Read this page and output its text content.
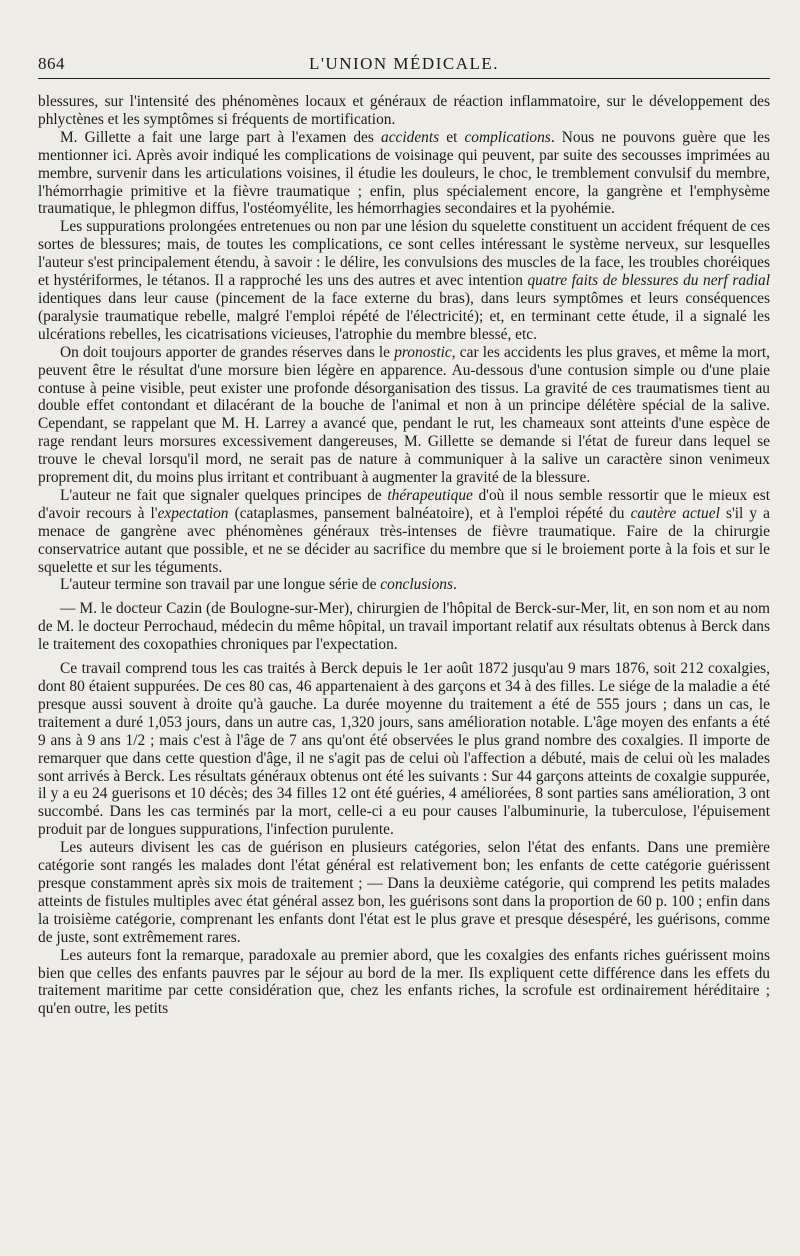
864	L'UNION MÉDICALE.

blessures, sur l'intensité des phénomènes locaux et généraux de réaction inflammatoire, sur le développement des phlyctènes et les symptômes si fréquents de mortification.

M. Gillette a fait une large part à l'examen des accidents et complications. Nous ne pouvons guère que les mentionner ici. Après avoir indiqué les complications de voisinage qui peuvent, par suite des secousses imprimées au membre, survenir dans les articulations voisines, il étudie les douleurs, le choc, le tremblement convulsif du membre, l'hémorrhagie primitive et la fièvre traumatique ; enfin, plus spécialement encore, la gangrène et l'emphysème traumatique, le phlegmon diffus, l'ostéomyélite, les hémorrhagies secondaires et la pyohémie.

Les suppurations prolongées entretenues ou non par une lésion du squelette constituent un accident fréquent de ces sortes de blessures; mais, de toutes les complications, ce sont celles intéressant le système nerveux, sur lesquelles l'auteur s'est principalement étendu, à savoir : le délire, les convulsions des muscles de la face, les troubles choréiques et hystériformes, le tétanos. Il a rapproché les uns des autres et avec intention quatre faits de blessures du nerf radial identiques dans leur cause (pincement de la face externe du bras), dans leurs symptômes et leurs conséquences (paralysie traumatique rebelle, malgré l'emploi répété de l'électricité); et, en terminant cette étude, il a signalé les ulcérations rebelles, les cicatrisations vicieuses, l'atrophie du membre blessé, etc.

On doit toujours apporter de grandes réserves dans le pronostic, car les accidents les plus graves, et même la mort, peuvent être le résultat d'une morsure bien légère en apparence. Au-dessous d'une contusion simple ou d'une plaie contuse à peine visible, peut exister une profonde désorganisation des tissus. La gravité de ces traumatismes tient au double effet contondant et dilacérant de la bouche de l'animal et non à un principe délétère spécial de la salive. Cependant, se rappelant que M. H. Larrey a avancé que, pendant le rut, les chameaux sont atteints d'une espèce de rage rendant leurs morsures excessivement dangereuses, M. Gillette se demande si l'état de fureur dans lequel se trouve le cheval lorsqu'il mord, ne serait pas de nature à communiquer à la salive un caractère sinon venimeux proprement dit, du moins plus irritant et contribuant à augmenter la gravité de la blessure.

L'auteur ne fait que signaler quelques principes de thérapeutique d'où il nous semble ressortir que le mieux est d'avoir recours à l'expectation (cataplasmes, pansement balnéatoire), et à l'emploi répété du cautère actuel s'il y a menace de gangrène avec phénomènes généraux très-intenses de fièvre traumatique. Faire de la chirurgie conservatrice autant que possible, et ne se décider au sacrifice du membre que si le broiement porte à la fois et sur le squelette et sur les téguments.

L'auteur termine son travail par une longue série de conclusions.

— M. le docteur Cazin (de Boulogne-sur-Mer), chirurgien de l'hôpital de Berck-sur-Mer, lit, en son nom et au nom de M. le docteur Perrochaud, médecin du même hôpital, un travail important relatif aux résultats obtenus à Berck dans le traitement des coxopathies chroniques par l'expectation.

Ce travail comprend tous les cas traités à Berck depuis le 1er août 1872 jusqu'au 9 mars 1876, soit 212 coxalgies, dont 80 étaient suppurées. De ces 80 cas, 46 appartenaient à des garçons et 34 à des filles. Le siége de la maladie a été presque aussi souvent à droite qu'à gauche. La durée moyenne du traitement a été de 555 jours ; dans un cas, le traitement a duré 1,053 jours, dans un autre cas, 1,320 jours, sans amélioration notable. L'âge moyen des enfants a été 9 ans à 9 ans 1/2 ; mais c'est à l'âge de 7 ans qu'ont été observées le plus grand nombre des coxalgies. Il importe de remarquer que dans cette question d'âge, il ne s'agit pas de celui où l'affection a débuté, mais de celui où les malades sont arrivés à Berck. Les résultats généraux obtenus ont été les suivants : Sur 44 garçons atteints de coxalgie suppurée, il y a eu 24 guerisons et 10 décès; des 34 filles 12 ont été guéries, 4 améliorées, 8 sont parties sans amélioration, 3 ont succombé. Dans les cas terminés par la mort, celle-ci a eu pour causes l'albuminurie, la tuberculose, l'épuisement produit par de longues suppurations, l'infection purulente.

Les auteurs divisent les cas de guérison en plusieurs catégories, selon l'état des enfants. Dans une première catégorie sont rangés les malades dont l'état général est relativement bon; les enfants de cette catégorie guérissent presque constamment après six mois de traitement ; — Dans la deuxième catégorie, qui comprend les petits malades atteints de fistules multiples avec état général assez bon, les guérisons sont dans la proportion de 60 p. 100 ; enfin dans la troisième catégorie, comprenant les enfants dont l'état est le plus grave et presque désespéré, les guérisons, comme de juste, sont extrêmement rares.

Les auteurs font la remarque, paradoxale au premier abord, que les coxalgies des enfants riches guérissent moins bien que celles des enfants pauvres par le séjour au bord de la mer. Ils expliquent cette différence dans les effets du traitement maritime par cette considération que, chez les enfants riches, la scrofule est ordinairement héréditaire ; qu'en outre, les petits
